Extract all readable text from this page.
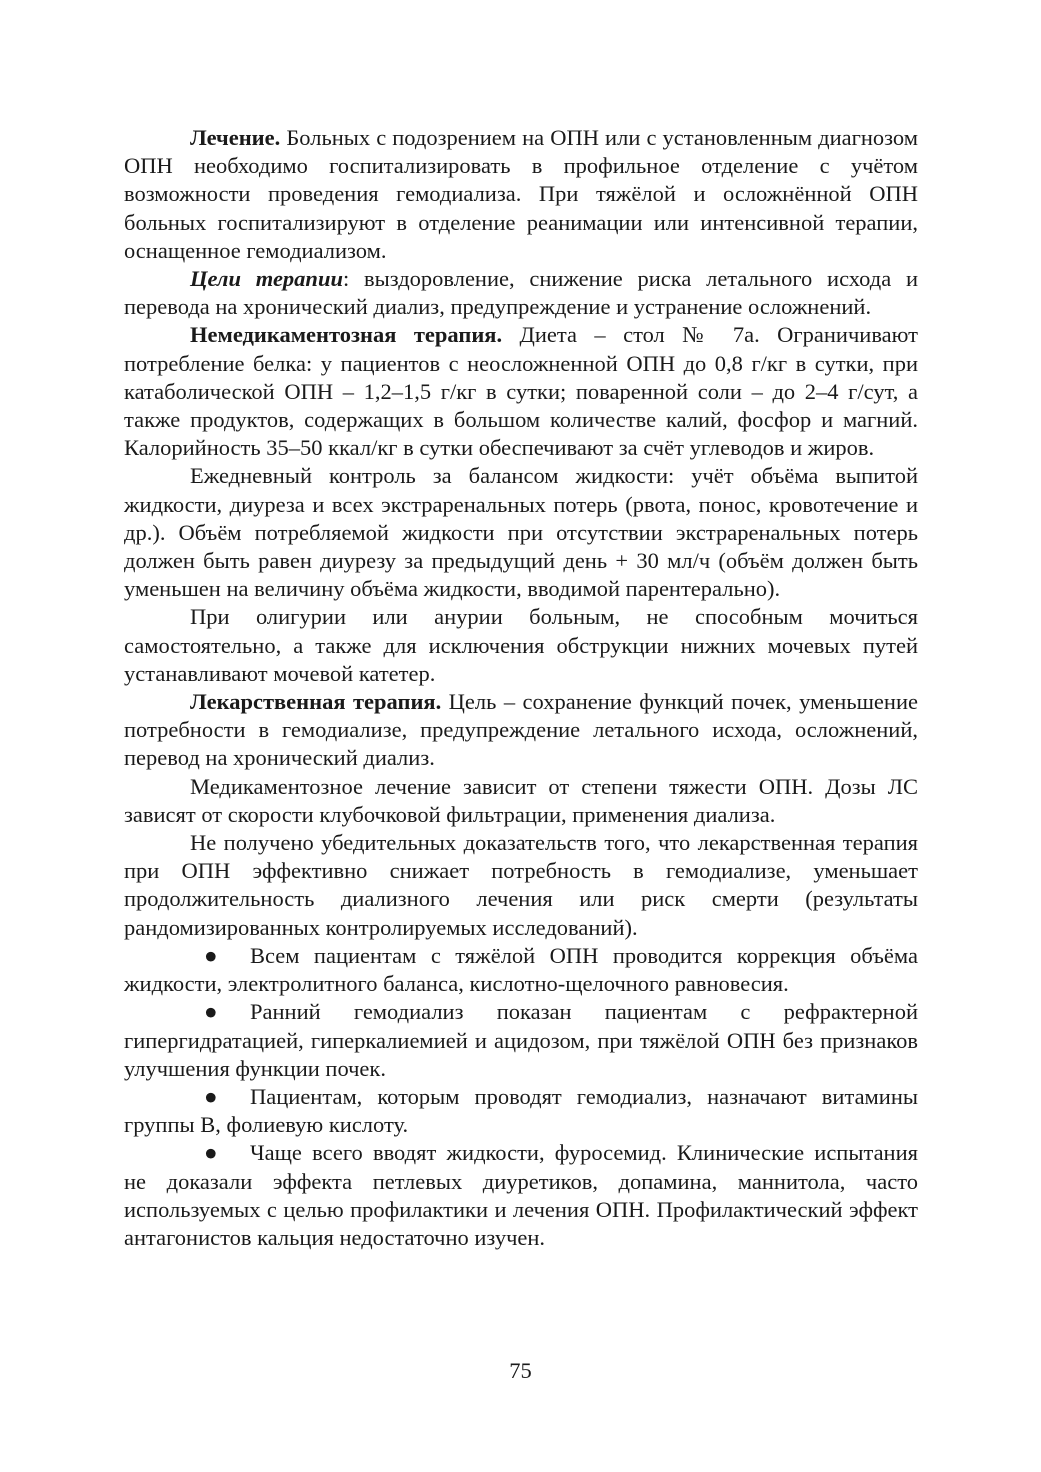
Лечение. Больных с подозрением на ОПН или с установленным диагнозом ОПН необходимо госпитализировать в профильное отделение с учётом возможности проведения гемодиализа. При тяжёлой и осложнённой ОПН больных госпитализируют в отделение реанимации или интенсивной терапии, оснащенное гемодиализом.

Цели терапии: выздоровление, снижение риска летального исхода и перевода на хронический диализ, предупреждение и устранение осложнений.

Немедикаментозная терапия. Диета – стол № 7а. Ограничивают потребление белка: у пациентов с неосложненной ОПН до 0,8 г/кг в сутки, при катаболической ОПН – 1,2–1,5 г/кг в сутки; поваренной соли – до 2–4 г/сут, а также продуктов, содержащих в большом количестве калий, фосфор и магний. Калорийность 35–50 ккал/кг в сутки обеспечивают за счёт углеводов и жиров.

Ежедневный контроль за балансом жидкости: учёт объёма выпитой жидкости, диуреза и всех экстраренальных потерь (рвота, понос, кровотечение и др.). Объём потребляемой жидкости при отсутствии экстраренальных потерь должен быть равен диурезу за предыдущий день + 30 мл/ч (объём должен быть уменьшен на величину объёма жидкости, вводимой парентерально).

При олигурии или анурии больным, не способным мочиться самостоятельно, а также для исключения обструкции нижних мочевых путей устанавливают мочевой катетер.

Лекарственная терапия. Цель – сохранение функций почек, уменьшение потребности в гемодиализе, предупреждение летального исхода, осложнений, перевод на хронический диализ.

Медикаментозное лечение зависит от степени тяжести ОПН. Дозы ЛС зависят от скорости клубочковой фильтрации, применения диализа.

Не получено убедительных доказательств того, что лекарственная терапия при ОПН эффективно снижает потребность в гемодиализе, уменьшает продолжительность диализного лечения или риск смерти (результаты рандомизированных контролируемых исследований).

● Всем пациентам с тяжёлой ОПН проводится коррекция объёма жидкости, электролитного баланса, кислотно-щелочного равновесия.

● Ранний гемодиализ показан пациентам с рефрактерной гипергидратацией, гиперкалиемией и ацидозом, при тяжёлой ОПН без признаков улучшения функции почек.

● Пациентам, которым проводят гемодиализ, назначают витамины группы В, фолиевую кислоту.

● Чаще всего вводят жидкости, фуросемид. Клинические испытания не доказали эффекта петлевых диуретиков, допамина, маннитола, часто используемых с целью профилактики и лечения ОПН. Профилактический эффект антагонистов кальция недостаточно изучен.

75
